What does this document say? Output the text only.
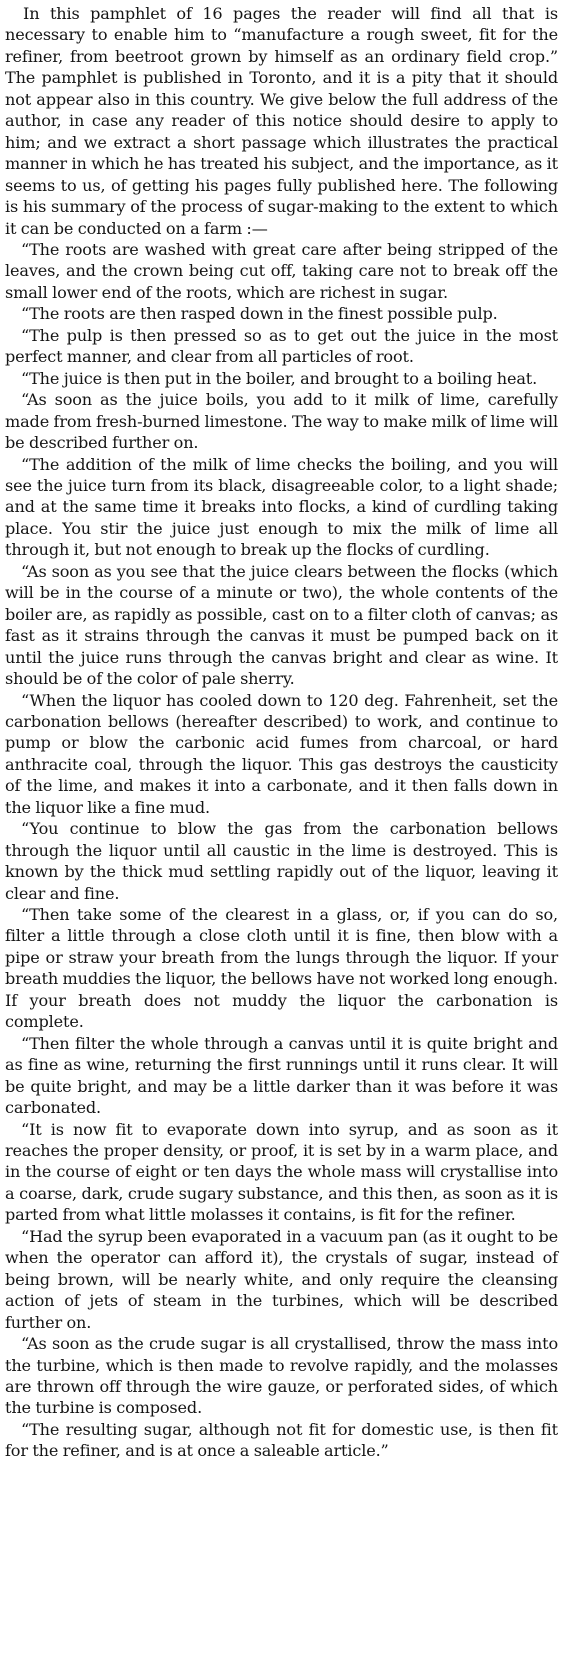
In this pamphlet of 16 pages the reader will find all that is necessary to enable him to “manufacture a rough sweet, fit for the refiner, from beetroot grown by himself as an ordinary field crop.” The pamphlet is published in Toronto, and it is a pity that it should not appear also in this country. We give below the full address of the author, in case any reader of this notice should desire to apply to him; and we extract a short passage which illustrates the practical manner in which he has treated his subject, and the importance, as it seems to us, of getting his pages fully published here. The following is his summary of the process of sugar-making to the extent to which it can be conducted on a farm :—

“The roots are washed with great care after being stripped of the leaves, and the crown being cut off, taking care not to break off the small lower end of the roots, which are richest in sugar.

“The roots are then rasped down in the finest possible pulp.

“The pulp is then pressed so as to get out the juice in the most perfect manner, and clear from all particles of root.

“The juice is then put in the boiler, and brought to a boiling heat.

“As soon as the juice boils, you add to it milk of lime, carefully made from fresh-burned limestone. The way to make milk of lime will be described further on.

“The addition of the milk of lime checks the boiling, and you will see the juice turn from its black, disagreeable color, to a light shade; and at the same time it breaks into flocks, a kind of curdling taking place. You stir the juice just enough to mix the milk of lime all through it, but not enough to break up the flocks of curdling.

“As soon as you see that the juice clears between the flocks (which will be in the course of a minute or two), the whole contents of the boiler are, as rapidly as possible, cast on to a filter cloth of canvas; as fast as it strains through the canvas it must be pumped back on it until the juice runs through the canvas bright and clear as wine. It should be of the color of pale sherry.

“When the liquor has cooled down to 120 deg. Fahrenheit, set the carbonation bellows (hereafter described) to work, and continue to pump or blow the carbonic acid fumes from charcoal, or hard anthracite coal, through the liquor. This gas destroys the causticity of the lime, and makes it into a carbonate, and it then falls down in the liquor like a fine mud.

“You continue to blow the gas from the carbonation bellows through the liquor until all caustic in the lime is destroyed. This is known by the thick mud settling rapidly out of the liquor, leaving it clear and fine.

“Then take some of the clearest in a glass, or, if you can do so, filter a little through a close cloth until it is fine, then blow with a pipe or straw your breath from the lungs through the liquor. If your breath muddies the liquor, the bellows have not worked long enough. If your breath does not muddy the liquor the carbonation is complete.

“Then filter the whole through a canvas until it is quite bright and as fine as wine, returning the first runnings until it runs clear. It will be quite bright, and may be a little darker than it was before it was carbonated.

“It is now fit to evaporate down into syrup, and as soon as it reaches the proper density, or proof, it is set by in a warm place, and in the course of eight or ten days the whole mass will crystallise into a coarse, dark, crude sugary substance, and this then, as soon as it is parted from what little molasses it contains, is fit for the refiner.

“Had the syrup been evaporated in a vacuum pan (as it ought to be when the operator can afford it), the crystals of sugar, instead of being brown, will be nearly white, and only require the cleansing action of jets of steam in the turbines, which will be described further on.

“As soon as the crude sugar is all crystallised, throw the mass into the turbine, which is then made to revolve rapidly, and the molasses are thrown off through the wire gauze, or perforated sides, of which the turbine is composed.

“The resulting sugar, although not fit for domestic use, is then fit for the refiner, and is at once a saleable article.”
